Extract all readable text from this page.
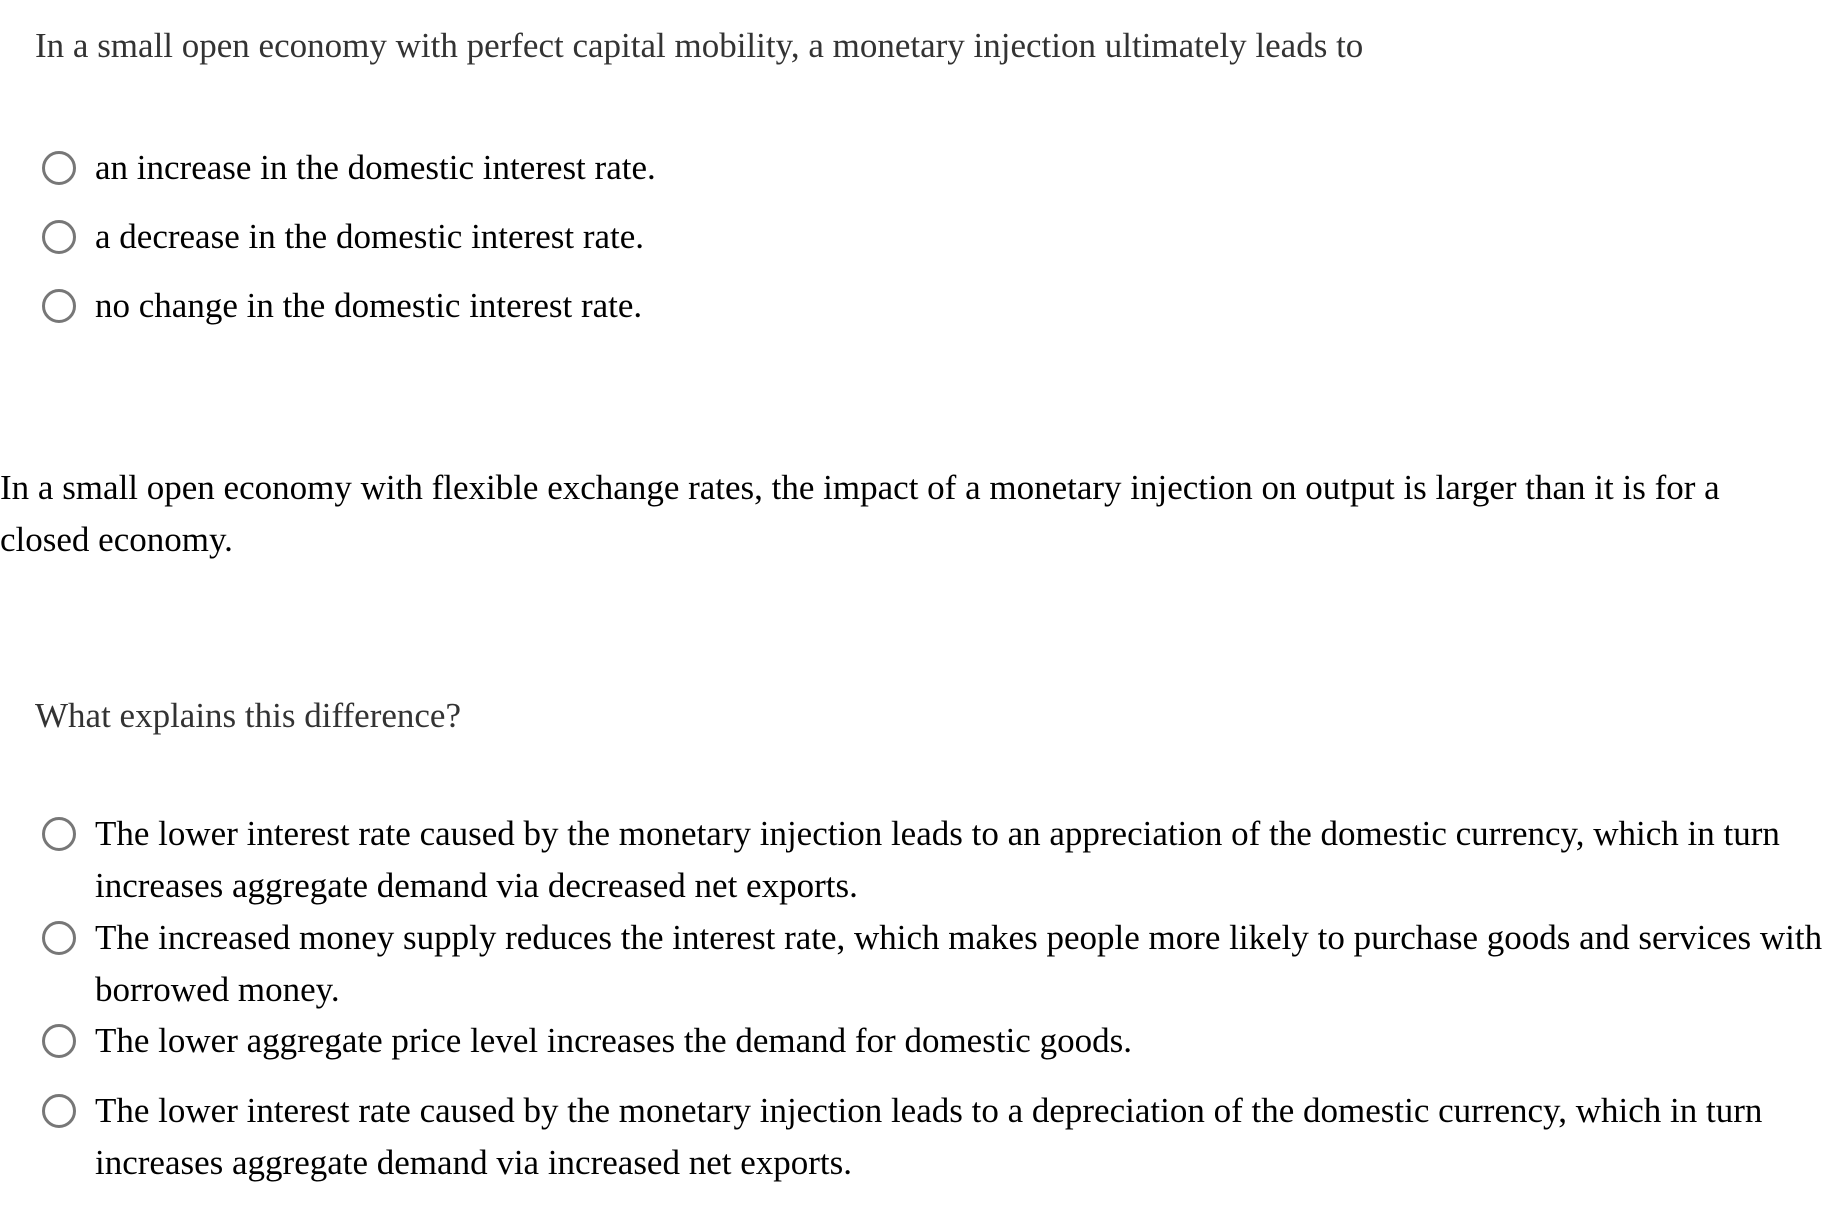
In a small open economy with perfect capital mobility, a monetary injection ultimately leads to

an increase in the domestic interest rate.
a decrease in the domestic interest rate.
no change in the domestic interest rate.

In a small open economy with flexible exchange rates, the impact of a monetary injection on output is larger than it is for a closed economy.

What explains this difference?

The lower interest rate caused by the monetary injection leads to an appreciation of the domestic currency, which in turn increases aggregate demand via decreased net exports.
The increased money supply reduces the interest rate, which makes people more likely to purchase goods and services with borrowed money.
The lower aggregate price level increases the demand for domestic goods.
The lower interest rate caused by the monetary injection leads to a depreciation of the domestic currency, which in turn increases aggregate demand via increased net exports.
